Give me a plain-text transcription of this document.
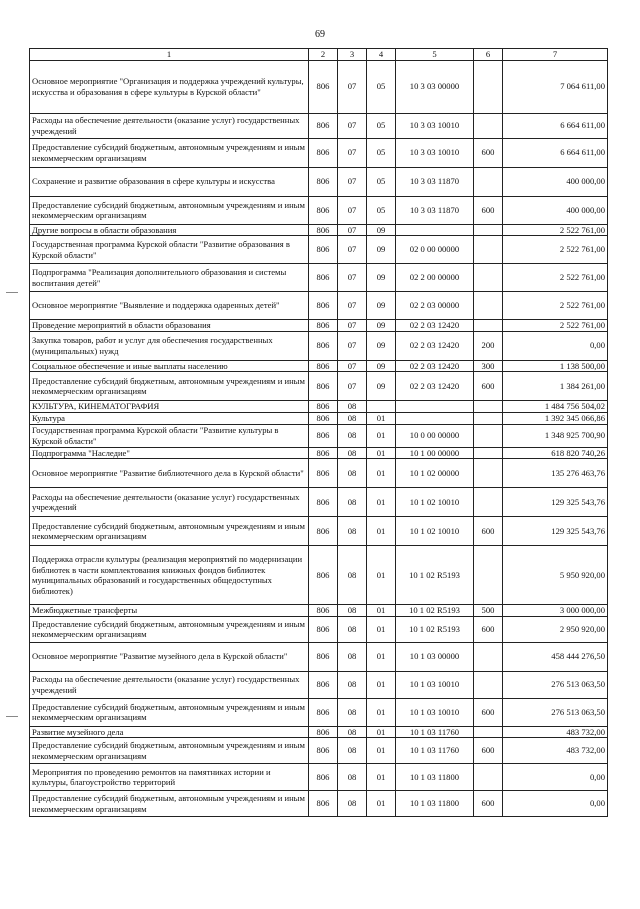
69
1	2	3	4	5	6	7
Основное мероприятие "Организация и поддержка учреждений культуры, искусства и образования в сфере культуры в Курской области"	806	07	05	10 3 03 00000		7 064 611,00
Расходы на обеспечение деятельности (оказание услуг) государственных учреждений	806	07	05	10 3 03 10010		6 664 611,00
Предоставление субсидий бюджетным, автономным учреждениям и иным некоммерческим организациям	806	07	05	10 3 03 10010	600	6 664 611,00
Сохранение и развитие образования в сфере культуры и искусства	806	07	05	10 3 03 11870		400 000,00
Предоставление субсидий бюджетным, автономным учреждениям и иным некоммерческим организациям	806	07	05	10 3 03 11870	600	400 000,00
Другие вопросы в области образования	806	07	09			2 522 761,00
Государственная программа Курской области "Развитие образования в Курской области"	806	07	09	02 0 00 00000		2 522 761,00
Подпрограмма "Реализация дополнительного образования и системы воспитания детей"	806	07	09	02 2 00 00000		2 522 761,00
Основное мероприятие "Выявление и поддержка одаренных детей"	806	07	09	02 2 03 00000		2 522 761,00
Проведение мероприятий в области образования	806	07	09	02 2 03 12420		2 522 761,00
Закупка товаров, работ и услуг для обеспечения государственных (муниципальных) нужд	806	07	09	02 2 03 12420	200	0,00
Социальное обеспечение и иные выплаты населению	806	07	09	02 2 03 12420	300	1 138 500,00
Предоставление субсидий бюджетным, автономным учреждениям и иным некоммерческим организациям	806	07	09	02 2 03 12420	600	1 384 261,00
КУЛЬТУРА, КИНЕМАТОГРАФИЯ	806	08				1 484 756 504,02
Культура	806	08	01			1 392 345 066,86
Государственная программа Курской области "Развитие культуры в Курской области"	806	08	01	10 0 00 00000		1 348 925 700,90
Подпрограмма "Наследие"	806	08	01	10 1 00 00000		618 820 740,26
Основное мероприятие "Развитие библиотечного дела в Курской области"	806	08	01	10 1 02 00000		135 276 463,76
Расходы на обеспечение деятельности (оказание услуг) государственных учреждений	806	08	01	10 1 02 10010		129 325 543,76
Предоставление субсидий бюджетным, автономным учреждениям и иным некоммерческим организациям	806	08	01	10 1 02 10010	600	129 325 543,76
Поддержка отрасли культуры (реализация мероприятий по модернизации библиотек в части комплектования книжных фондов библиотек муниципальных образований и государственных общедоступных библиотек)	806	08	01	10 1 02 R5193		5 950 920,00
Межбюджетные трансферты	806	08	01	10 1 02 R5193	500	3 000 000,00
Предоставление субсидий бюджетным, автономным учреждениям и иным некоммерческим организациям	806	08	01	10 1 02 R5193	600	2 950 920,00
Основное мероприятие "Развитие музейного дела в Курской области"	806	08	01	10 1 03 00000		458 444 276,50
Расходы на обеспечение деятельности (оказание услуг) государственных учреждений	806	08	01	10 1 03 10010		276 513 063,50
Предоставление субсидий бюджетным, автономным учреждениям и иным некоммерческим организациям	806	08	01	10 1 03 10010	600	276 513 063,50
Развитие музейного дела	806	08	01	10 1 03 11760		483 732,00
Предоставление субсидий бюджетным, автономным учреждениям и иным некоммерческим организациям	806	08	01	10 1 03 11760	600	483 732,00
Мероприятия по проведению ремонтов на памятниках истории и культуры, благоустройство территорий	806	08	01	10 1 03 11800		0,00
Предоставление субсидий бюджетным, автономным учреждениям и иным некоммерческим организациям	806	08	01	10 1 03 11800	600	0,00
